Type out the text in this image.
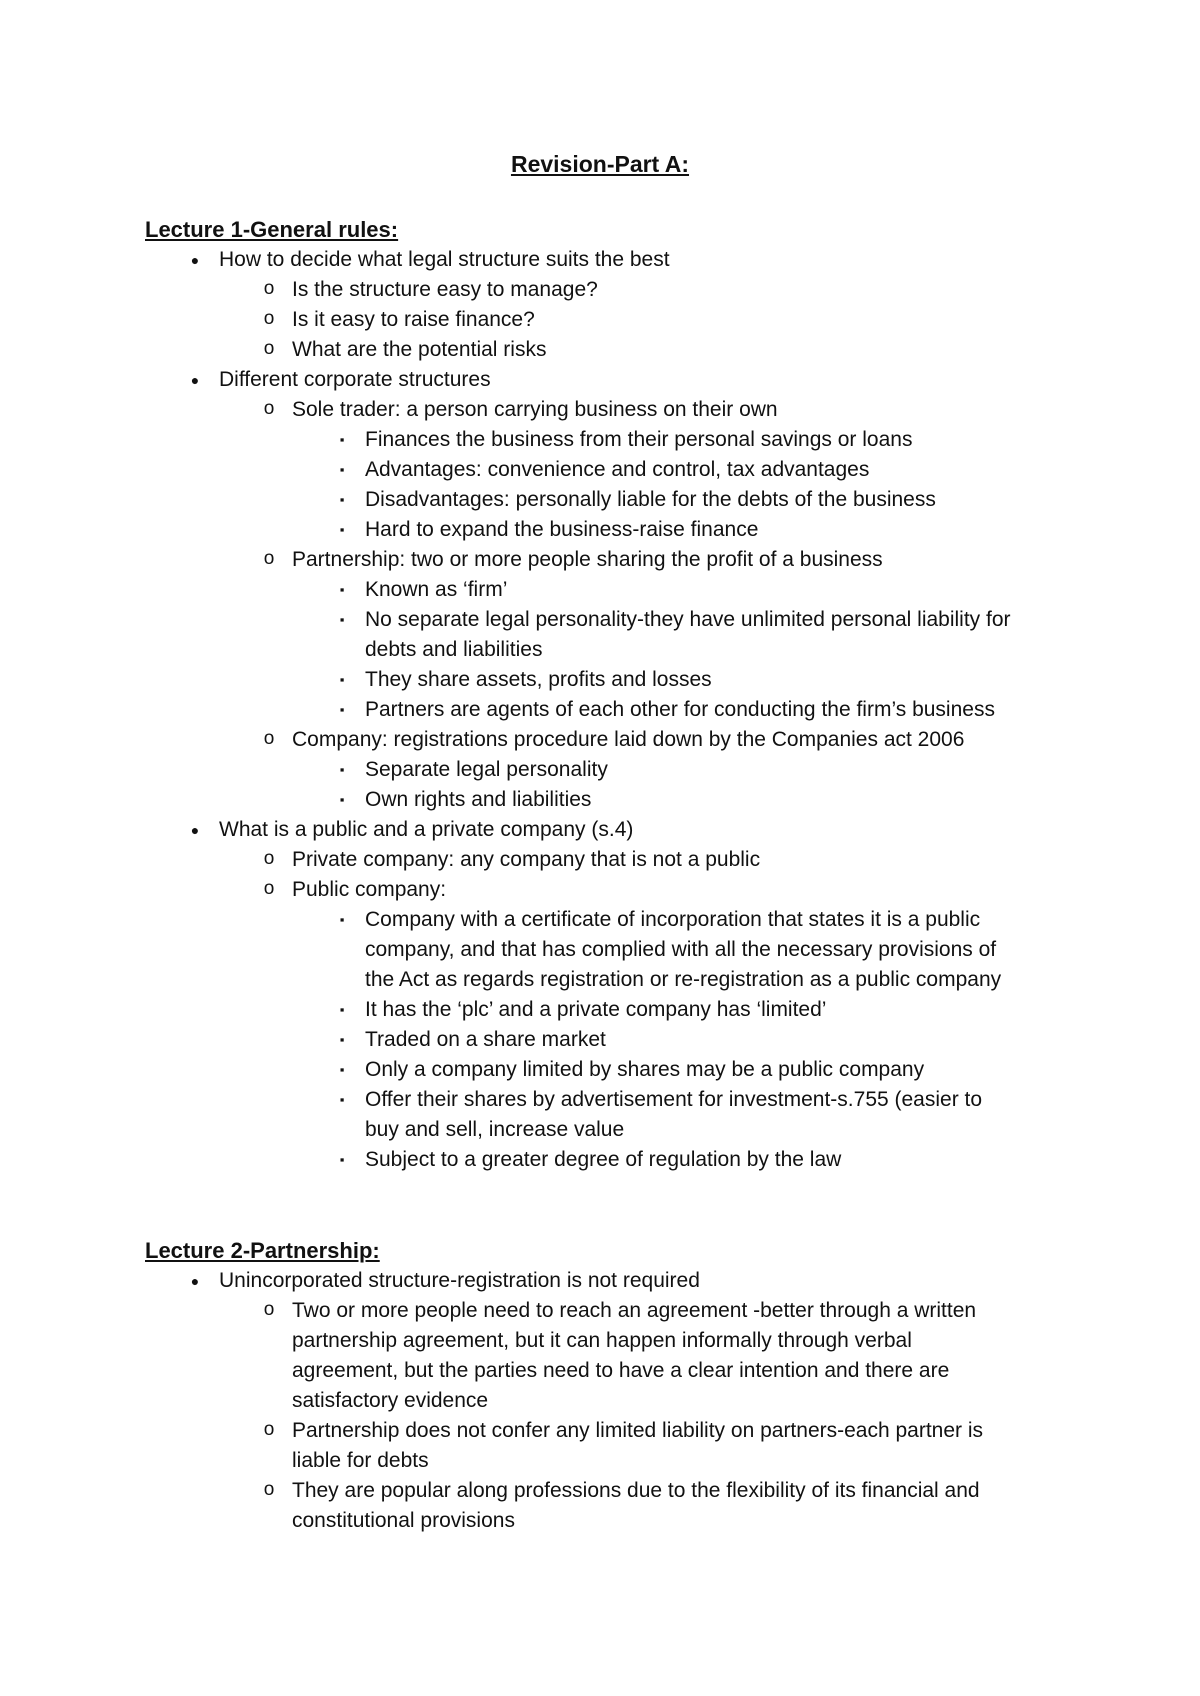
Revision-Part A:
Lecture 1-General rules:
● How to decide what legal structure suits the best
o Is the structure easy to manage?
o Is it easy to raise finance?
o What are the potential risks
● Different corporate structures
o Sole trader: a person carrying business on their own
▪ Finances the business from their personal savings or loans
▪ Advantages: convenience and control, tax advantages
▪ Disadvantages: personally liable for the debts of the business
▪ Hard to expand the business-raise finance
o Partnership: two or more people sharing the profit of a business
▪ Known as ‘firm’
▪ No separate legal personality-they have unlimited personal liability for
debts and liabilities
▪ They share assets, profits and losses
▪ Partners are agents of each other for conducting the firm’s business
o Company: registrations procedure laid down by the Companies act 2006
▪ Separate legal personality
▪ Own rights and liabilities
● What is a public and a private company (s.4)
o Private company: any company that is not a public
o Public company:
▪ Company with a certificate of incorporation that states it is a public
company, and that has complied with all the necessary provisions of
the Act as regards registration or re-registration as a public company
▪ It has the ‘plc’ and a private company has ‘limited’
▪ Traded on a share market
▪ Only a company limited by shares may be a public company
▪ Offer their shares by advertisement for investment-s.755 (easier to
buy and sell, increase value
▪ Subject to a greater degree of regulation by the law
Lecture 2-Partnership:
● Unincorporated structure-registration is not required
o Two or more people need to reach an agreement -better through a written
partnership agreement, but it can happen informally through verbal
agreement, but the parties need to have a clear intention and there are
satisfactory evidence
o Partnership does not confer any limited liability on partners-each partner is
liable for debts
o They are popular along professions due to the flexibility of its financial and
constitutional provisions
